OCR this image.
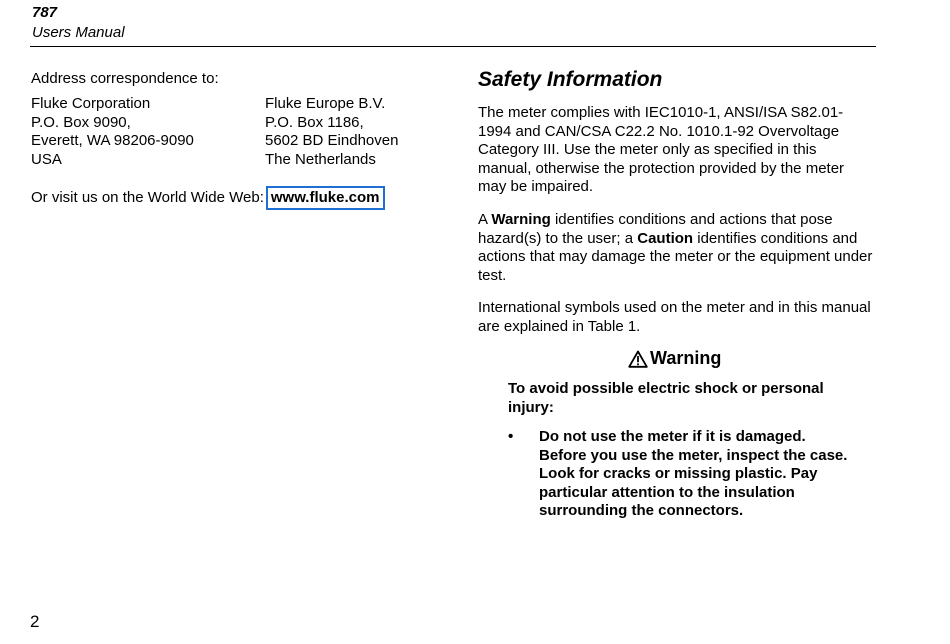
787
Users Manual
Address correspondence to:
Fluke Corporation
P.O. Box 9090,
Everett, WA 98206-9090
USA
Fluke Europe B.V.
P.O. Box 1186,
5602 BD Eindhoven
The Netherlands
Or visit us on the World Wide Web: www.fluke.com
Safety Information
The meter complies with IEC1010-1, ANSI/ISA S82.01-1994 and CAN/CSA C22.2 No. 1010.1-92 Overvoltage Category III. Use the meter only as specified in this manual, otherwise the protection provided by the meter may be impaired.
A Warning identifies conditions and actions that pose hazard(s) to the user; a Caution identifies conditions and actions that may damage the meter or the equipment under test.
International symbols used on the meter and in this manual are explained in Table 1.
Warning
To avoid possible electric shock or personal injury:
• Do not use the meter if it is damaged. Before you use the meter, inspect the case. Look for cracks or missing plastic. Pay particular attention to the insulation surrounding the connectors.
2
